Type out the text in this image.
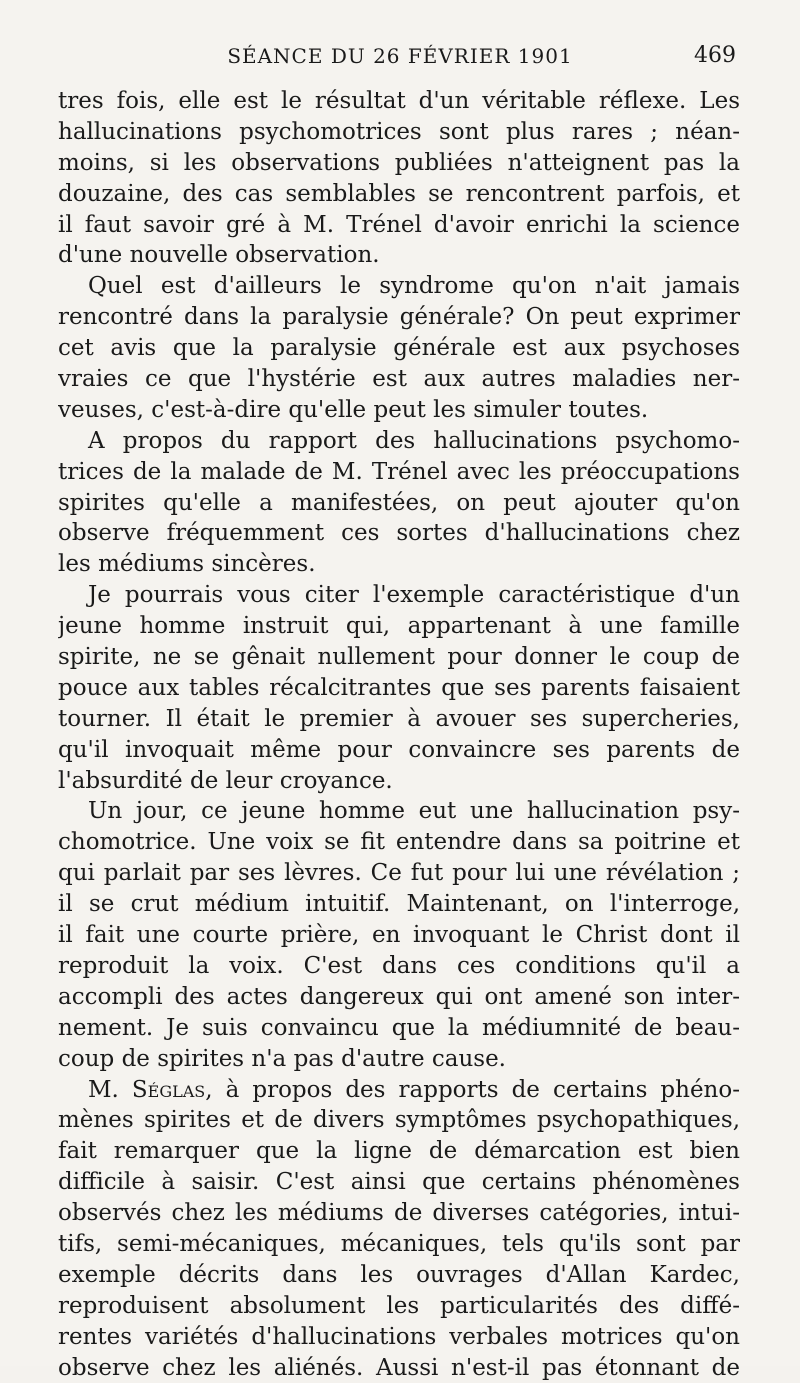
SÉANCE DU 26 FÉVRIER 1901	469
tres fois, elle est le résultat d'un véritable réflexe. Les
hallucinations psychomotrices sont plus rares ; néan-
moins, si les observations publiées n'atteignent pas la
douzaine, des cas semblables se rencontrent parfois, et
il faut savoir gré à M. Trénel d'avoir enrichi la science
d'une nouvelle observation.
Quel est d'ailleurs le syndrome qu'on n'ait jamais
rencontré dans la paralysie générale? On peut exprimer
cet avis que la paralysie générale est aux psychoses
vraies ce que l'hystérie est aux autres maladies ner-
veuses, c'est-à-dire qu'elle peut les simuler toutes.
A propos du rapport des hallucinations psychomo-
trices de la malade de M. Trénel avec les préoccupations
spirites qu'elle a manifestées, on peut ajouter qu'on
observe fréquemment ces sortes d'hallucinations chez
les médiums sincères.
Je pourrais vous citer l'exemple caractéristique d'un
jeune homme instruit qui, appartenant à une famille
spirite, ne se gênait nullement pour donner le coup de
pouce aux tables récalcitrantes que ses parents faisaient
tourner. Il était le premier à avouer ses supercheries,
qu'il invoquait même pour convaincre ses parents de
l'absurdité de leur croyance.
Un jour, ce jeune homme eut une hallucination psy-
chomotrice. Une voix se fit entendre dans sa poitrine et
qui parlait par ses lèvres. Ce fut pour lui une révélation ;
il se crut médium intuitif. Maintenant, on l'interroge,
il fait une courte prière, en invoquant le Christ dont il
reproduit la voix. C'est dans ces conditions qu'il a
accompli des actes dangereux qui ont amené son inter-
nement. Je suis convaincu que la médiumnité de beau-
coup de spirites n'a pas d'autre cause.
M. Séglas, à propos des rapports de certains phéno-
mènes spirites et de divers symptômes psychopathiques,
fait remarquer que la ligne de démarcation est bien
difficile à saisir. C'est ainsi que certains phénomènes
observés chez les médiums de diverses catégories, intui-
tifs, semi-mécaniques, mécaniques, tels qu'ils sont par
exemple décrits dans les ouvrages d'Allan Kardec,
reproduisent absolument les particularités des diffé-
rentes variétés d'hallucinations verbales motrices qu'on
observe chez les aliénés. Aussi n'est-il pas étonnant de
